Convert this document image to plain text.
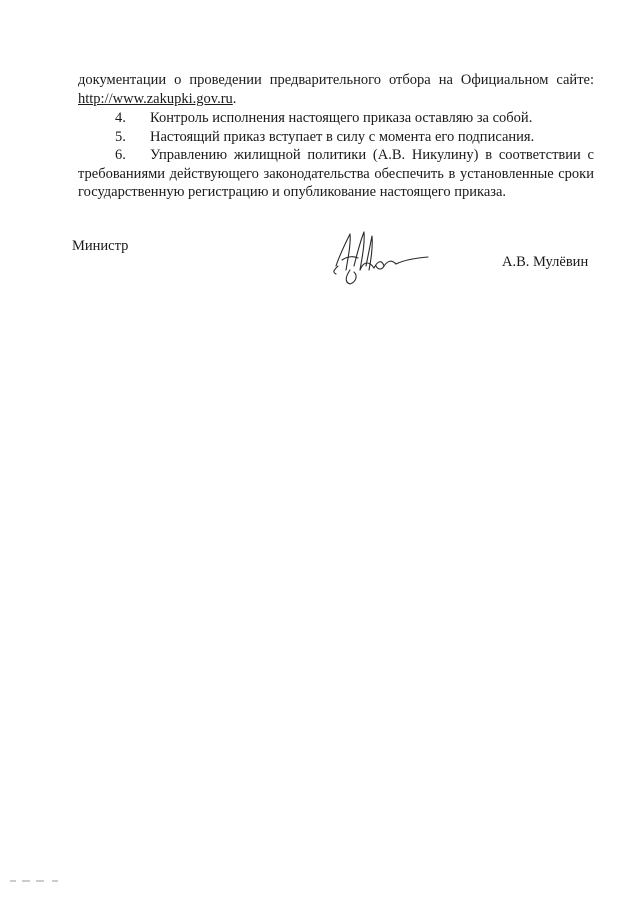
документации о проведении предварительного отбора на Официальном сайте: http://www.zakupki.gov.ru.
4. Контроль исполнения настоящего приказа оставляю за собой.
5. Настоящий приказ вступает в силу с момента его подписания.
6.	Управлению жилищной политики (А.В. Никулину) в соответствии с требованиями действующего законодательства обеспечить в установленные сроки государственную регистрацию и опубликование настоящего приказа.
Министр
А.В. Мулёвин
